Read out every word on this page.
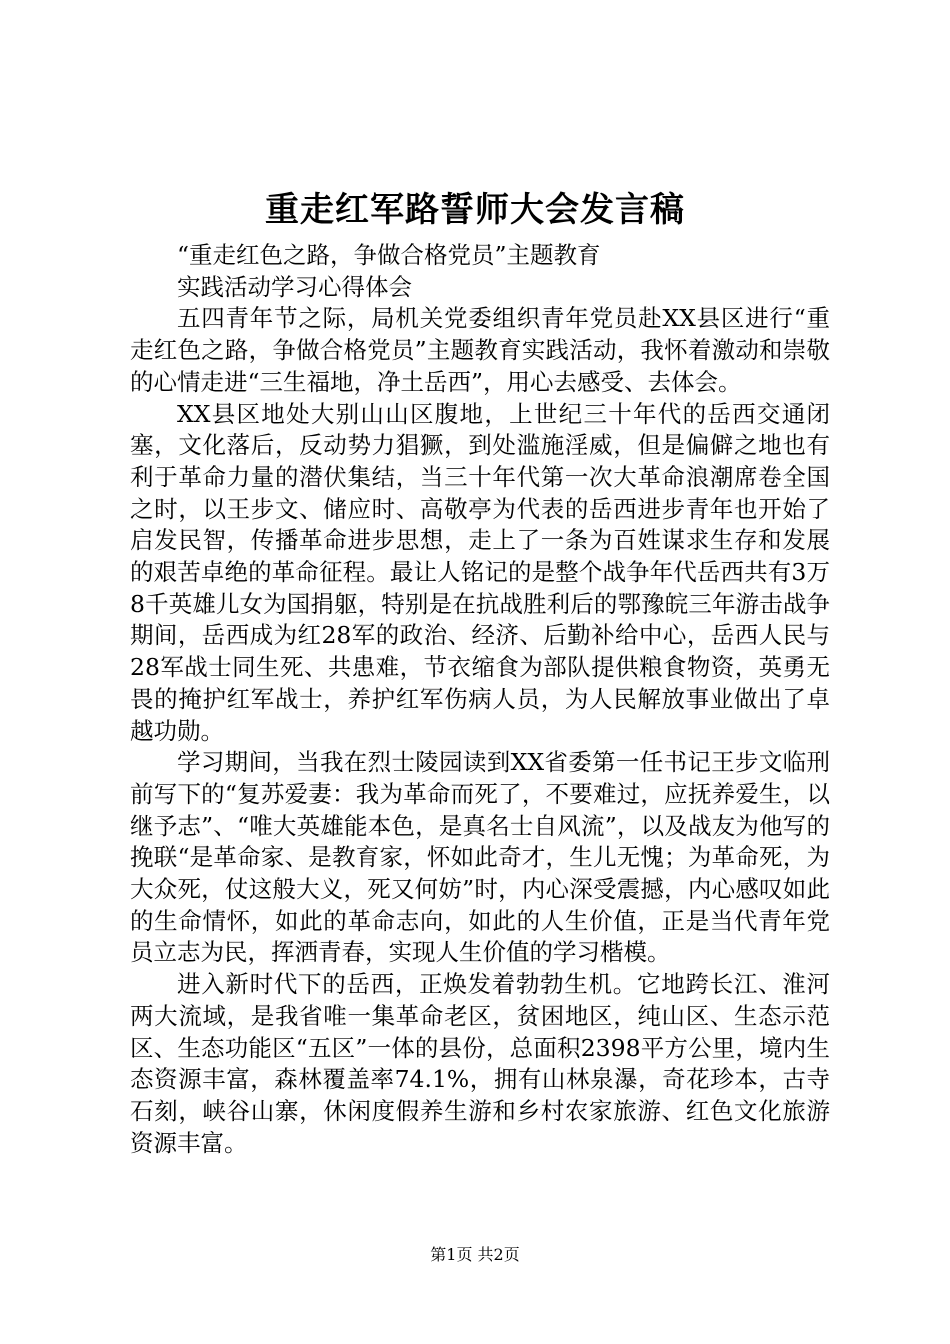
重走红军路誓师大会发言稿

“重走红色之路，争做合格党员”主题教育

实践活动学习心得体会

五四青年节之际，局机关党委组织青年党员赴XX县区进行“重走红色之路，争做合格党员”主题教育实践活动，我怀着激动和崇敬的心情走进“三生福地，净土岳西”，用心去感受、去体会。

XX县区地处大别山山区腹地，上世纪三十年代的岳西交通闭塞，文化落后，反动势力猖獗，到处滥施淫威，但是偏僻之地也有利于革命力量的潜伏集结，当三十年代第一次大革命浪潮席卷全国之时，以王步文、储应时、高敬亭为代表的岳西进步青年也开始了启发民智，传播革命进步思想，走上了一条为百姓谋求生存和发展的艰苦卓绝的革命征程。最让人铭记的是整个战争年代岳西共有3万8千英雄儿女为国捐躯，特别是在抗战胜利后的鄂豫皖三年游击战争期间，岳西成为红28军的政治、经济、后勤补给中心，岳西人民与28军战士同生死、共患难，节衣缩食为部队提供粮食物资，英勇无畏的掩护红军战士，养护红军伤病人员，为人民解放事业做出了卓越功勋。

学习期间，当我在烈士陵园读到XX省委第一任书记王步文临刑前写下的“复苏爱妻：我为革命而死了，不要难过，应抚养爱生，以继予志”、“唯大英雄能本色，是真名士自风流”，以及战友为他写的挽联“是革命家、是教育家，怀如此奇才，生儿无愧；为革命死，为大众死，仗这般大义，死又何妨”时，内心深受震撼，内心感叹如此的生命情怀，如此的革命志向，如此的人生价值，正是当代青年党员立志为民，挥洒青春，实现人生价值的学习楷模。

进入新时代下的岳西，正焕发着勃勃生机。它地跨长江、淮河两大流域，是我省唯一集革命老区，贫困地区，纯山区、生态示范区、生态功能区“五区”一体的县份，总面积2398平方公里，境内生态资源丰富，森林覆盖率74.1%，拥有山林泉瀑，奇花珍本，古寺石刻，峡谷山寨，休闲度假养生游和乡村农家旅游、红色文化旅游资源丰富。

第1页 共2页
